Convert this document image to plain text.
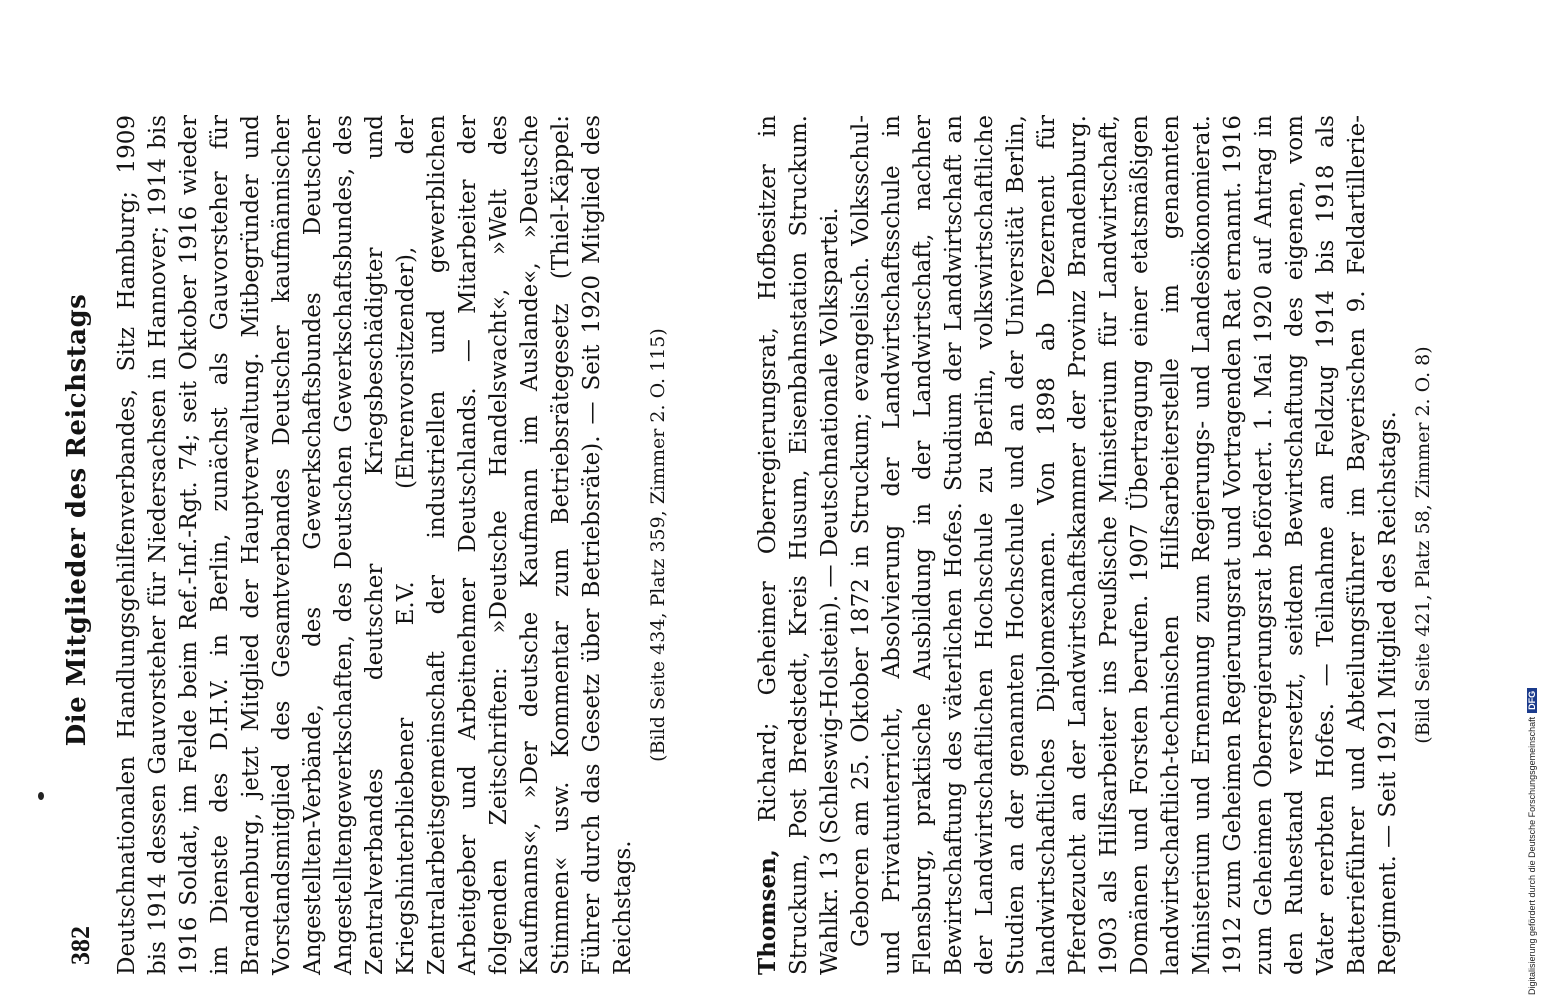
382
Die Mitglieder des Reichstags Deutschnationalen Handlungsgehilfenverbandes, Sitz Hamburg; 1909 bis 1914 dessen Gauvorsteher für Niedersachsen in Hannover; 1914 bis 1916 Soldat, im Felde beim Ref.-Inf.-Rgt. 74; seit Oktober 1916 wieder im Dienste des D.H.V. in Berlin, zunächst als Gauvorsteher für Brandenburg, jetzt Mitglied der Hauptverwaltung. Mitbegründer und Vorstandsmitglied des Gesamtverbandes Deutscher kaufmännischer Angestellten-Verbände, des Gewerkschaftsbundes Deutscher Angestelltengewerkschaften, des Deutschen Gewerkschaftsbundes, des Zentralverbandes deutscher Kriegsbeschädigter und Kriegshinterbliebener E.V. (Ehrenvorsitzender), der Zentralarbeitsgemeinschaft der industriellen und gewerblichen Arbeitgeber und Arbeitnehmer Deutschlands. — Mitarbeiter der folgenden Zeitschriften: »Deutsche Handelswacht«, »Welt des Kaufmanns«, »Der deutsche Kaufmann im Auslande«, »Deutsche Stimmen« usw. Kommentar zum Betriebsrätegesetz (Thiel-Käppel: Führer durch das Gesetz über Betriebsräte). — Seit 1920 Mitglied des Reichstags.

(Bild Seite 434, Platz 359, Zimmer 2. O. 115)

Thomsen, Richard; Geheimer Oberregierungsrat, Hofbesitzer in Struckum, Post Bredstedt, Kreis Husum, Eisenbahnstation Struckum. Wahlkr. 13 (Schleswig-Holstein). — Deutschnationale Volkspartei. Geboren am 25. Oktober 1872 in Struckum; evangelisch. Volksschul- und Privatunterricht, Absolvierung der Landwirtschaftsschule in Flensburg, praktische Ausbildung in der Landwirtschaft, nachher Bewirtschaftung des väterlichen Hofes. Studium der Landwirtschaft an der Landwirtschaftlichen Hochschule zu Berlin, volkswirtschaftliche Studien an der genannten Hochschule und an der Universität Berlin, landwirtschaftliches Diplomexamen. Von 1898 ab Dezernent für Pferdezucht an der Landwirtschaftskammer der Provinz Brandenburg. 1903 als Hilfsarbeiter ins Preußische Ministerium für Landwirtschaft, Domänen und Forsten berufen. 1907 Übertragung einer etatsmäßigen landwirtschaftlich-technischen Hilfsarbeiterstelle im genannten Ministerium und Ernennung zum Regierungs- und Landesökonomierat. 1912 zum Geheimen Regierungsrat und Vortragenden Rat ernannt. 1916 zum Geheimen Oberregierungsrat befördert. 1. Mai 1920 auf Antrag in den Ruhestand versetzt, seitdem Bewirtschaftung des eigenen, vom Vater ererbten Hofes. — Teilnahme am Feldzug 1914 bis 1918 als Batterieführer und Abteilungsführer im Bayerischen 9. Feldartillerie-Regiment. — Seit 1921 Mitglied des Reichstags. (Bild Seite 421, Platz 58, Zimmer 2. O. 8)
Digitalisierung gefördert durch die Deutsche ForschungsgemeinschaftDFG
